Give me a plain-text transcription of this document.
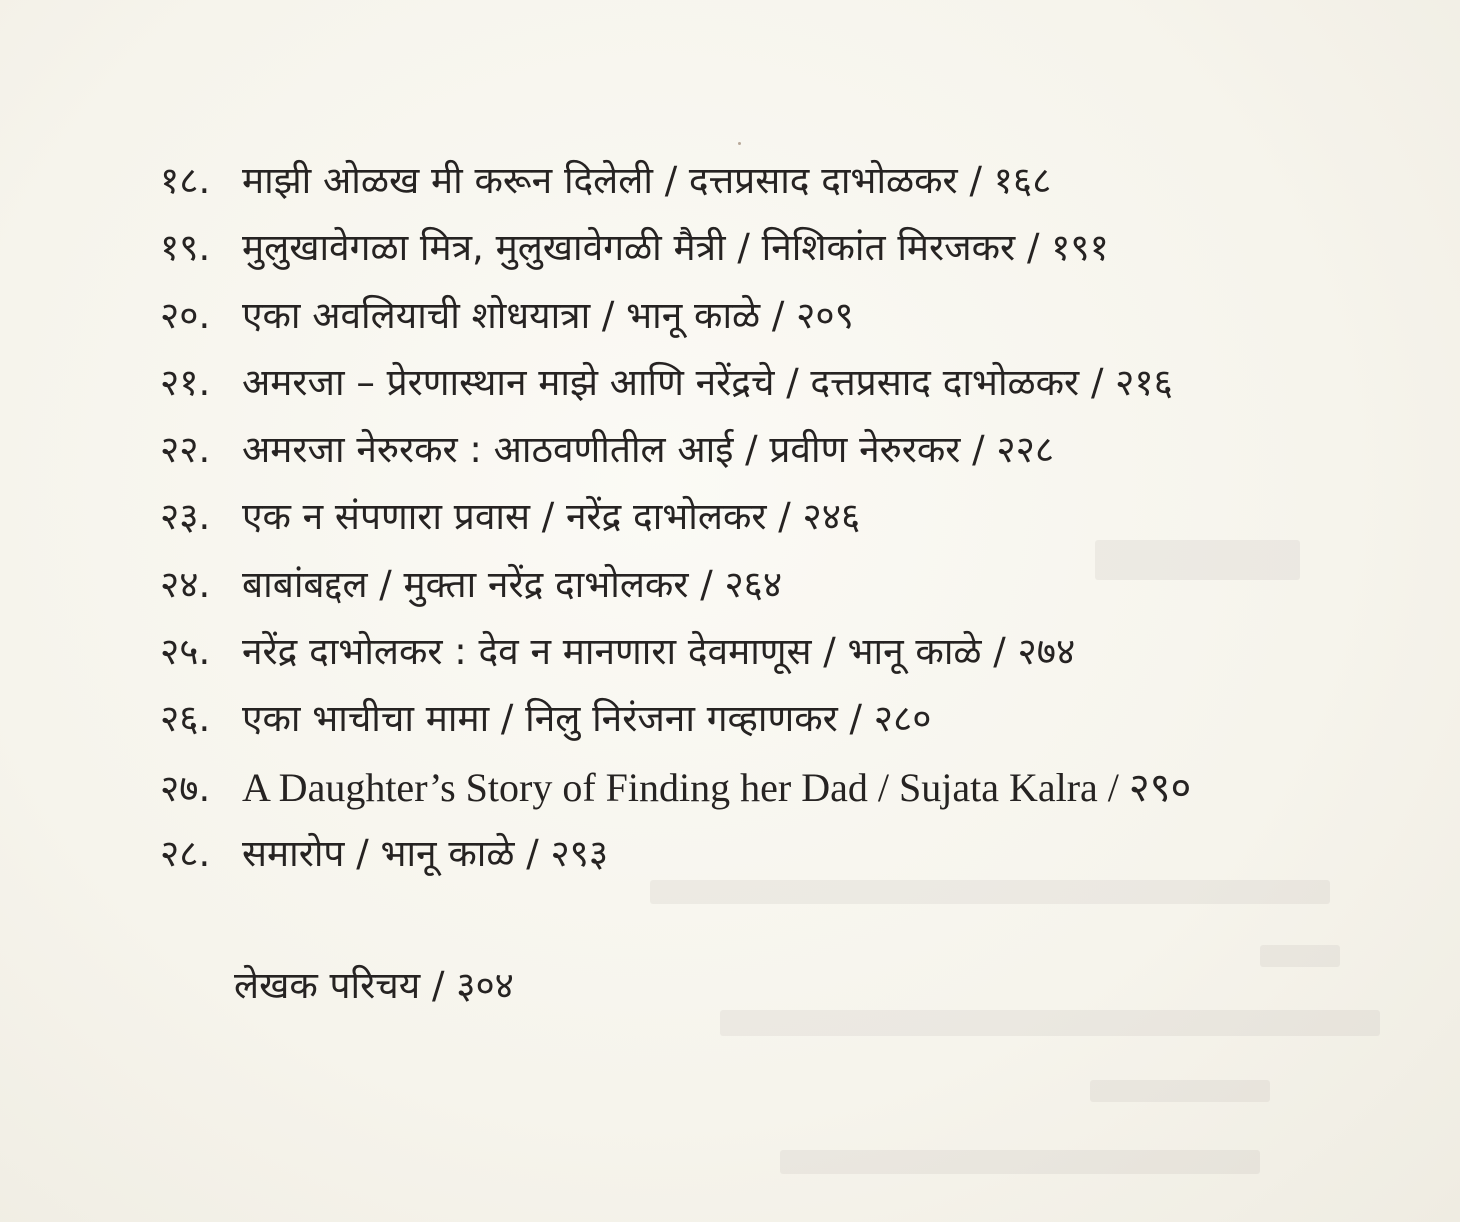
१८. माझी ओळख मी करून दिलेली / दत्तप्रसाद दाभोळकर / १६८
१९. मुलुखावेगळा मित्र, मुलुखावेगळी मैत्री / निशिकांत मिरजकर / १९१
२०. एका अवलियाची शोधयात्रा / भानू काळे / २०९
२१. अमरजा – प्रेरणास्थान माझे आणि नरेंद्रचे / दत्तप्रसाद दाभोळकर / २१६
२२. अमरजा नेरुरकर : आठवणीतील आई / प्रवीण नेरुरकर / २२८
२३. एक न संपणारा प्रवास / नरेंद्र दाभोलकर / २४६
२४. बाबांबद्दल / मुक्ता नरेंद्र दाभोलकर / २६४
२५. नरेंद्र दाभोलकर : देव न मानणारा देवमाणूस / भानू काळे / २७४
२६. एका भाचीचा मामा / निलु निरंजना गव्हाणकर / २८०
२७. A Daughter’s Story of Finding her Dad / Sujata Kalra / २९०
२८. समारोप / भानू काळे / २९३
लेखक परिचय / ३०४
